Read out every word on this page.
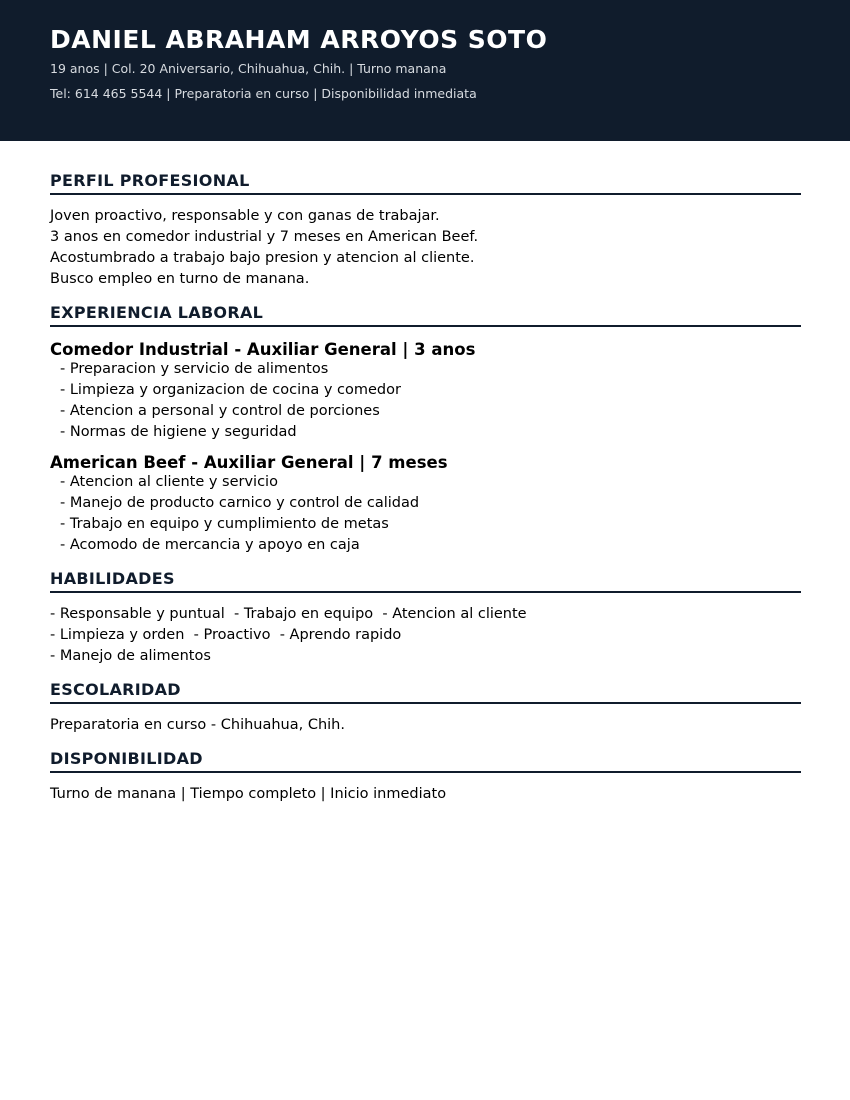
DANIEL ABRAHAM ARROYOS SOTO
19 anos | Col. 20 Aniversario, Chihuahua, Chih. | Turno manana
Tel: 614 465 5544 | Preparatoria en curso | Disponibilidad inmediata
PERFIL PROFESIONAL
Joven proactivo, responsable y con ganas de trabajar.
3 anos en comedor industrial y 7 meses en American Beef.
Acostumbrado a trabajo bajo presion y atencion al cliente.
Busco empleo en turno de manana.
EXPERIENCIA LABORAL
Comedor Industrial - Auxiliar General | 3 anos
- Preparacion y servicio de alimentos
- Limpieza y organizacion de cocina y comedor
- Atencion a personal y control de porciones
- Normas de higiene y seguridad
American Beef - Auxiliar General | 7 meses
- Atencion al cliente y servicio
- Manejo de producto carnico y control de calidad
- Trabajo en equipo y cumplimiento de metas
- Acomodo de mercancia y apoyo en caja
HABILIDADES
- Responsable y puntual  - Trabajo en equipo  - Atencion al cliente
- Limpieza y orden  - Proactivo  - Aprendo rapido
- Manejo de alimentos
ESCOLARIDAD
Preparatoria en curso - Chihuahua, Chih.
DISPONIBILIDAD
Turno de manana | Tiempo completo | Inicio inmediato
